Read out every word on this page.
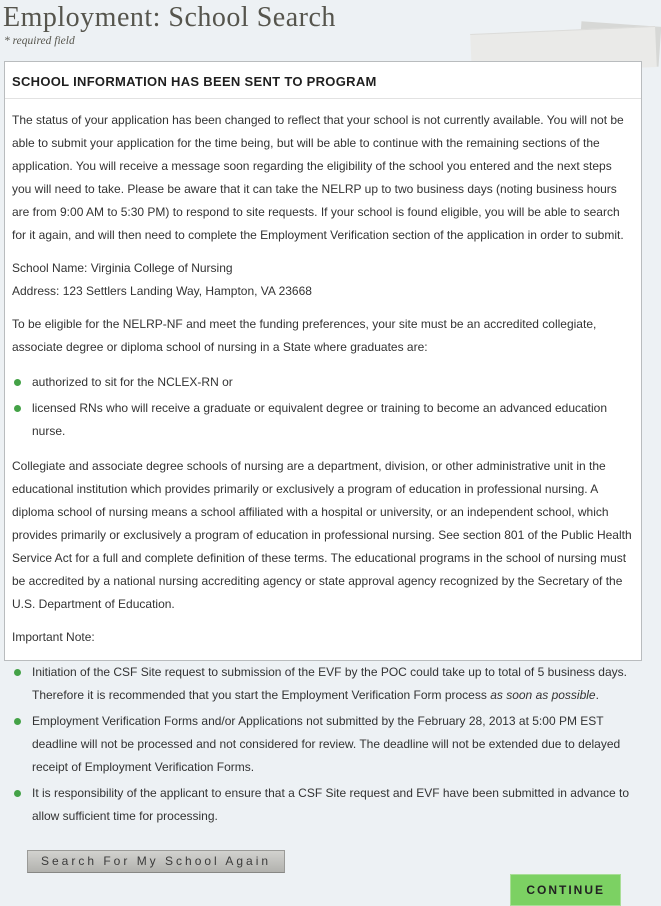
Employment: School Search
* required field
SCHOOL INFORMATION HAS BEEN SENT TO PROGRAM

The status of your application has been changed to reflect that your school is not currently available. You will not be able to submit your application for the time being, but will be able to continue with the remaining sections of the application. You will receive a message soon regarding the eligibility of the school you entered and the next steps you will need to take. Please be aware that it can take the NELRP up to two business days (noting business hours are from 9:00 AM to 5:30 PM) to respond to site requests. If your school is found eligible, you will be able to search for it again, and will then need to complete the Employment Verification section of the application in order to submit.

School Name: Virginia College of Nursing
Address: 123 Settlers Landing Way, Hampton, VA 23668

To be eligible for the NELRP-NF and meet the funding preferences, your site must be an accredited collegiate, associate degree or diploma school of nursing in a State where graduates are:

authorized to sit for the NCLEX-RN or
licensed RNs who will receive a graduate or equivalent degree or training to become an advanced education nurse.

Collegiate and associate degree schools of nursing are a department, division, or other administrative unit in the educational institution which provides primarily or exclusively a program of education in professional nursing. A diploma school of nursing means a school affiliated with a hospital or university, or an independent school, which provides primarily or exclusively a program of education in professional nursing. See section 801 of the Public Health Service Act for a full and complete definition of these terms. The educational programs in the school of nursing must be accredited by a national nursing accrediting agency or state approval agency recognized by the Secretary of the U.S. Department of Education.

Important Note:

Initiation of the CSF Site request to submission of the EVF by the POC could take up to total of 5 business days. Therefore it is recommended that you start the Employment Verification Form process as soon as possible.
Employment Verification Forms and/or Applications not submitted by the February 28, 2013 at 5:00 PM EST deadline will not be processed and not considered for review. The deadline will not be extended due to delayed receipt of Employment Verification Forms.
It is responsibility of the applicant to ensure that a CSF Site request and EVF have been submitted in advance to allow sufficient time for processing.
Search For My School Again
CONTINUE
